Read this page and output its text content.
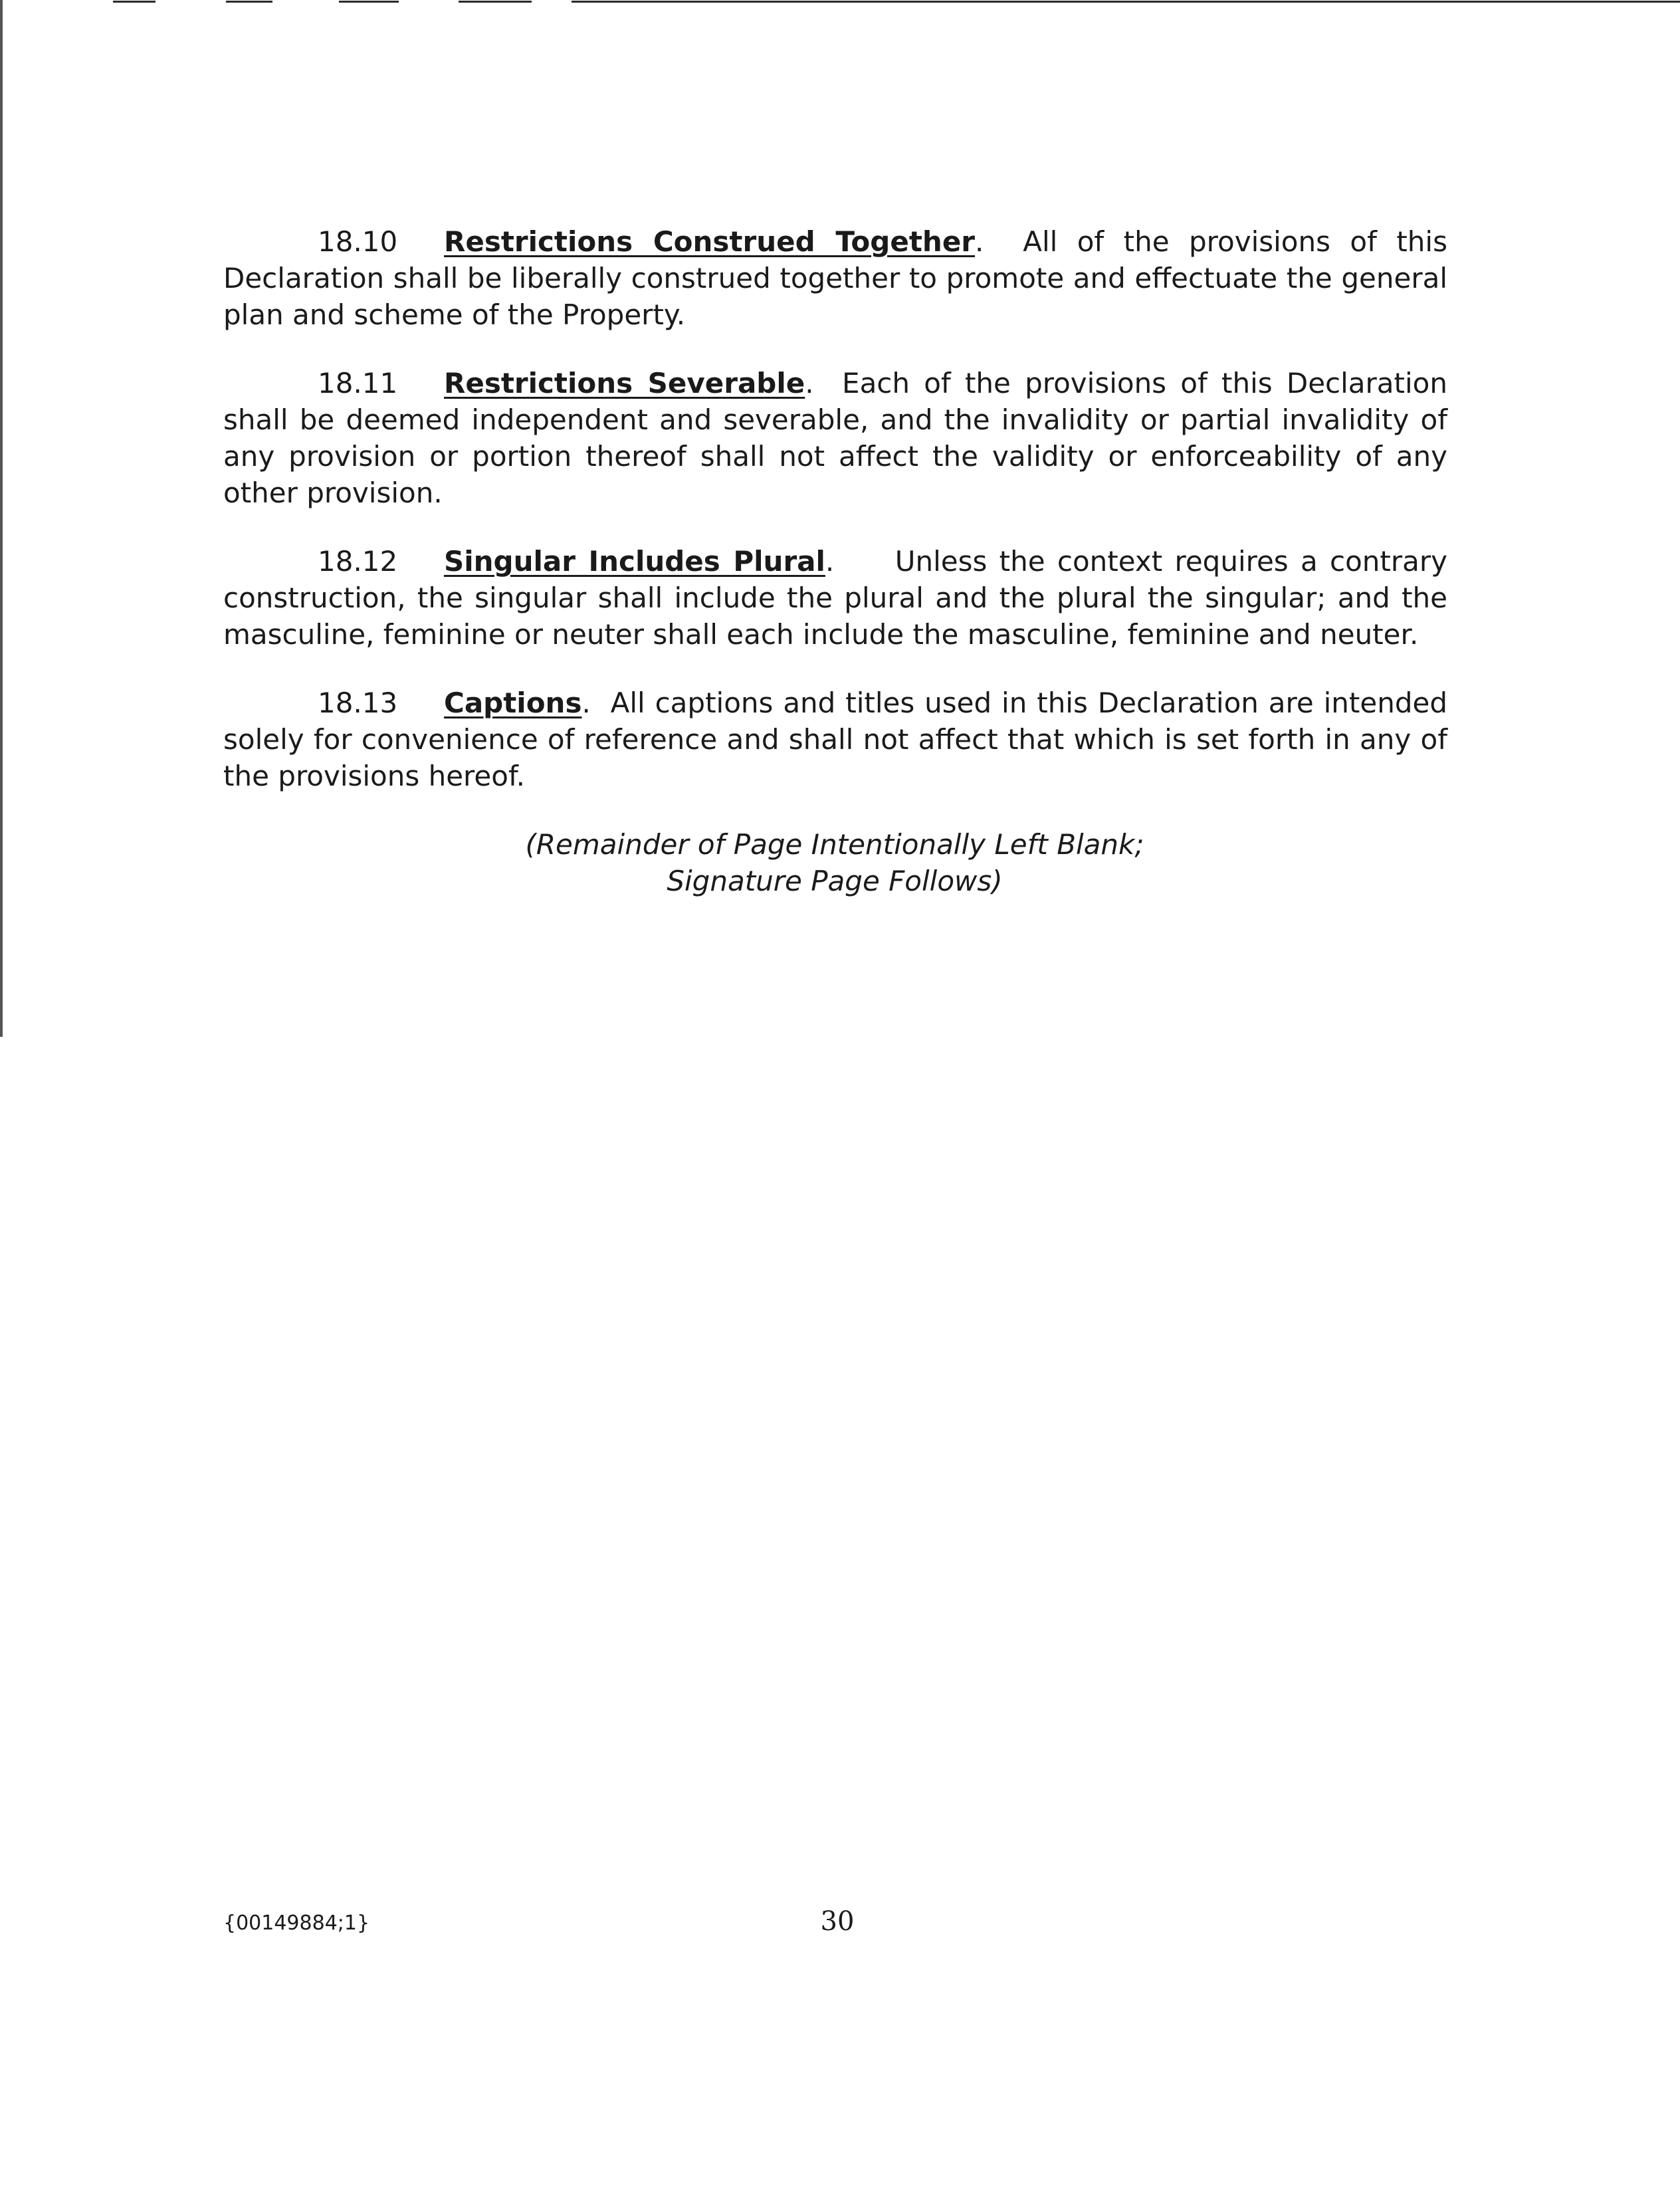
18.10 Restrictions Construed Together.  All of the provisions of this Declaration shall be liberally construed together to promote and effectuate the general plan and scheme of the Property.

18.11 Restrictions Severable.  Each of the provisions of this Declaration shall be deemed independent and severable, and the invalidity or partial invalidity of any provision or portion thereof shall not affect the validity or enforceability of any other provision.

18.12 Singular Includes Plural.     Unless the context requires a contrary construction, the singular shall include the plural and the plural the singular; and the masculine, feminine or neuter shall each include the masculine, feminine and neuter.

18.13 Captions.  All captions and titles used in this Declaration are intended solely for convenience of reference and shall not affect that which is set forth in any of the provisions hereof.

(Remainder of Page Intentionally Left Blank;
Signature Page Follows)
{00149884;1}	30
